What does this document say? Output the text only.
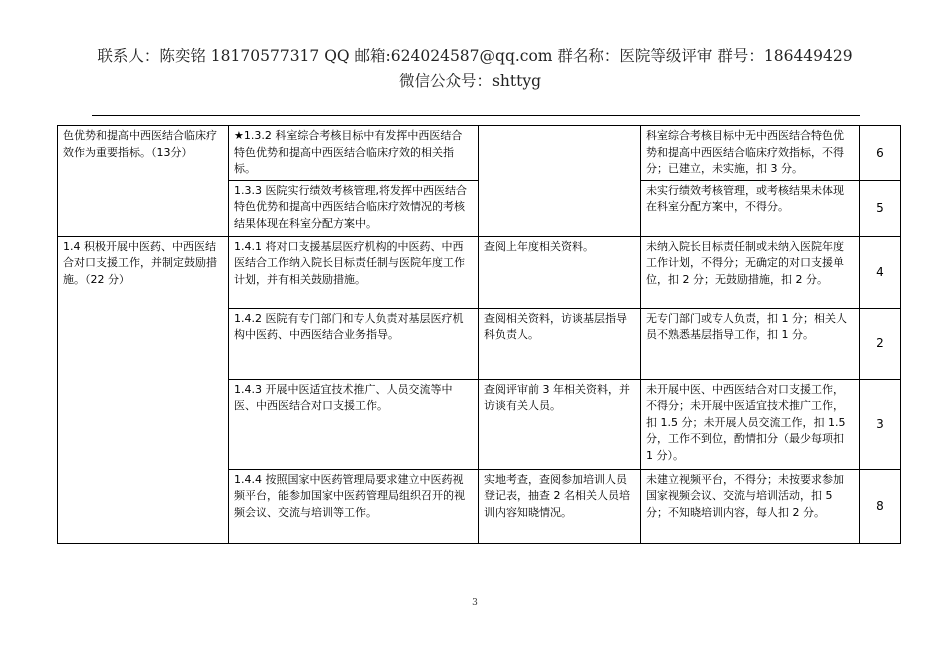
联系人：陈奕铭 18170577317 QQ 邮箱:624024587@qq.com 群名称：医院等级评审 群号：186449429
微信公众号：shttyg
色优势和提高中西医结合临床疗效作为重要指标。（13分）	★1.3.2 科室综合考核目标中有发挥中西医结合特色优势和提高中西医结合临床疗效的相关指标。		科室综合考核目标中无中西医结合特色优势和提高中西医结合临床疗效指标，不得分；已建立，未实施，扣 3 分。	6
	1.3.3 医院实行绩效考核管理,将发挥中西医结合特色优势和提高中西医结合临床疗效情况的考核结果体现在科室分配方案中。		未实行绩效考核管理，或考核结果未体现在科室分配方案中，不得分。	5
1.4 积极开展中医药、中西医结合对口支援工作，并制定鼓励措施。（22 分）	1.4.1 将对口支援基层医疗机构的中医药、中西医结合工作纳入院长目标责任制与医院年度工作计划，并有相关鼓励措施。	查阅上年度相关资料。	未纳入院长目标责任制或未纳入医院年度工作计划，不得分；无确定的对口支援单位，扣 2 分；无鼓励措施，扣 2 分。	4
	1.4.2 医院有专门部门和专人负责对基层医疗机构中医药、中西医结合业务指导。	查阅相关资料，访谈基层指导科负责人。	无专门部门或专人负责，扣 1 分；相关人员不熟悉基层指导工作，扣 1 分。	2
	1.4.3 开展中医适宜技术推广、人员交流等中医、中西医结合对口支援工作。	查阅评审前 3 年相关资料，并访谈有关人员。	未开展中医、中西医结合对口支援工作，不得分；未开展中医适宜技术推广工作，扣 1.5 分；未开展人员交流工作，扣 1.5 分，工作不到位，酌情扣分（最少每项扣 1 分）。	3
	1.4.4 按照国家中医药管理局要求建立中医药视频平台，能参加国家中医药管理局组织召开的视频会议、交流与培训等工作。	实地考查，查阅参加培训人员登记表，抽查 2 名相关人员培训内容知晓情况。	未建立视频平台，不得分；未按要求参加国家视频会议、交流与培训活动，扣 5 分；不知晓培训内容，每人扣 2 分。	8
3
